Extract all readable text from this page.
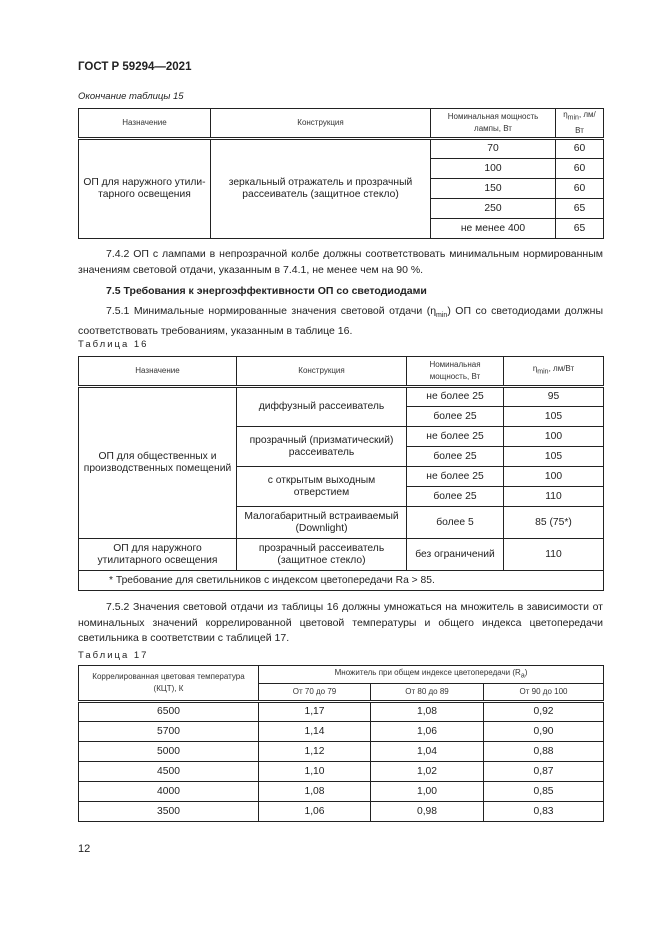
ГОСТ Р 59294—2021
Окончание таблицы 15
Назначение	Конструкция	Номинальная мощность лампы, Вт	$\eta_{min}$, лм/Вт
ОП для наружного утили-тарного освещения	зеркальный отражатель и прозрачный рассеиватель (защитное стекло)	70	60
		100	60
		150	60
		250	65
		не менее 400	65
7.4.2 ОП с лампами в непрозрачной колбе должны соответствовать минимальным нормированным значениям световой отдачи, указанным в 7.4.1, не менее чем на 90 %.
7.5 Требования к энергоэффективности ОП со светодиодами
7.5.1 Минимальные нормированные значения световой отдачи $(\eta_{min})$ ОП со светодиодами должны соответствовать требованиям, указанным в таблице 16.
Таблица 16
Назначение	Конструкция	Номинальная мощность, Вт	$\eta_{min}$, лм/Вт
ОП для общественных и производственных помещений	диффузный рассеиватель	не более 25	95
		более 25	105
	прозрачный (призматический) рассеиватель	не более 25	100
		более 25	105
	с открытым выходным отверстием	не более 25	100
		более 25	110
	Малогабаритный встраиваемый (Downlight)	более 5	85 (75*)
ОП для наружного утилитарного освещения	прозрачный рассеиватель (защитное стекло)	без ограничений	110
* Требование для светильников с индексом цветопередачи Ra > 85.			
7.5.2 Значения световой отдачи из таблицы 16 должны умножаться на множитель в зависимости от номинальных значений коррелированной цветовой температуры и общего индекса цветопередачи светильника в соответствии с таблицей 17.
Таблица 17
Коррелированная цветовая температура (КЦТ), К	Множитель при общем индексе цветопередачи $(R_a)$		
	От 70 до 79	От 80 до 89	От 90 до 100
6500	1,17	1,08	0,92
5700	1,14	1,06	0,90
5000	1,12	1,04	0,88
4500	1,10	1,02	0,87
4000	1,08	1,00	0,85
3500	1,06	0,98	0,83
12
